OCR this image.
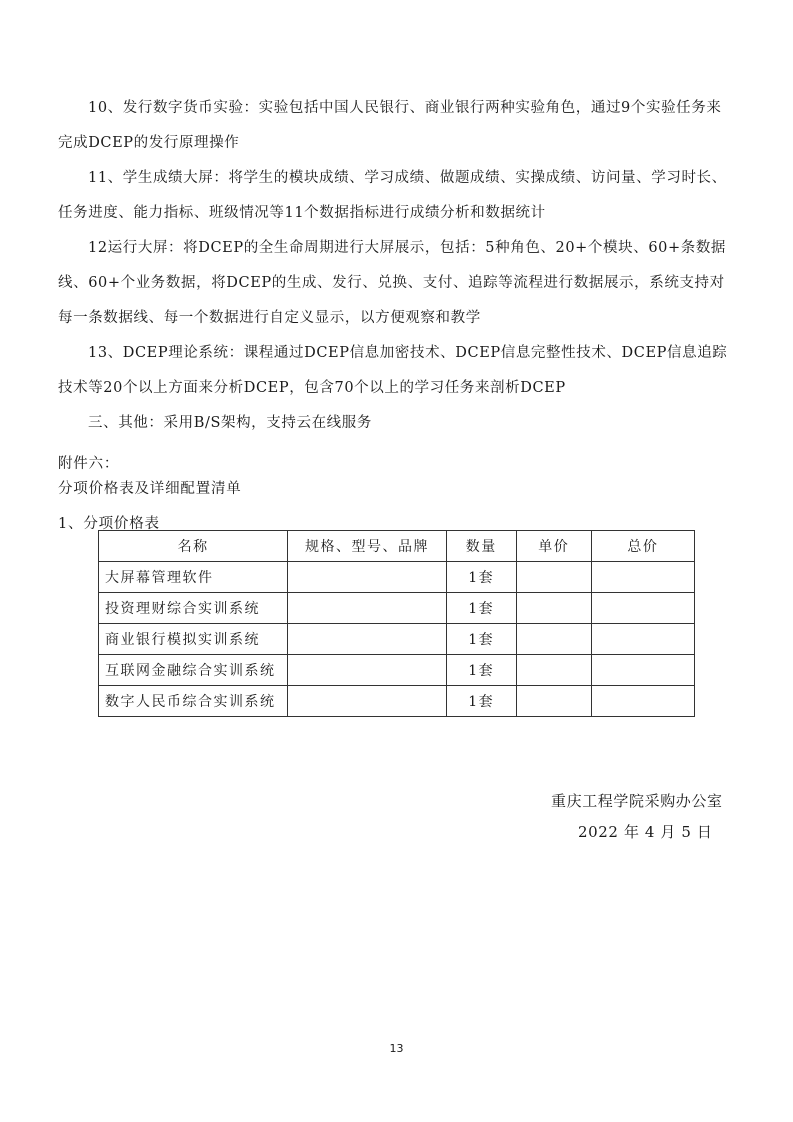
10、发行数字货币实验：实验包括中国人民银行、商业银行两种实验角色，通过9个实验任务来完成DCEP的发行原理操作

11、学生成绩大屏：将学生的模块成绩、学习成绩、做题成绩、实操成绩、访问量、学习时长、任务进度、能力指标、班级情况等11个数据指标进行成绩分析和数据统计

12运行大屏：将DCEP的全生命周期进行大屏展示，包括：5种角色、20+个模块、60+条数据线、60+个业务数据，将DCEP的生成、发行、兑换、支付、追踪等流程进行数据展示，系统支持对每一条数据线、每一个数据进行自定义显示，以方便观察和教学

13、DCEP理论系统：课程通过DCEP信息加密技术、DCEP信息完整性技术、DCEP信息追踪技术等20个以上方面来分析DCEP，包含70个以上的学习任务来剖析DCEP

三、其他：采用B/S架构，支持云在线服务

附件六：

分项价格表及详细配置清单

1、分项价格表

名称	规格、型号、品牌	数量	单价	总价
大屏幕管理软件		1套		
投资理财综合实训系统		1套		
商业银行模拟实训系统		1套		
互联网金融综合实训系统		1套		
数字人民币综合实训系统		1套		
重庆工程学院采购办公室
2022 年 4 月 5 日
13
